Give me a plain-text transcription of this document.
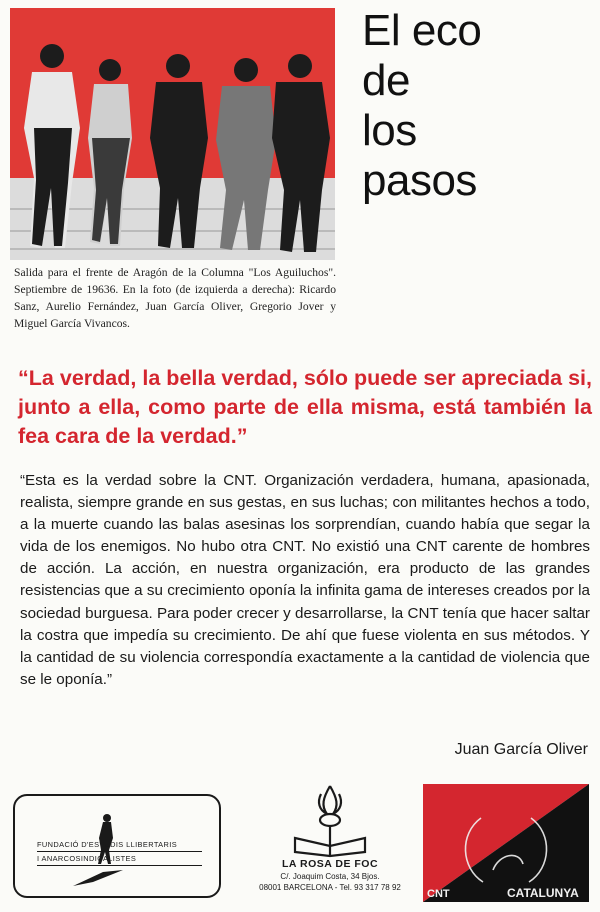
El eco
de
los
pasos
Salida para el frente de Aragón de la Columna "Los Aguiluchos". Septiembre de 19636. En la foto (de izquierda a derecha): Ricardo Sanz, Aurelio Fernández, Juan García Oliver, Gregorio Jover y Miguel García Vivancos.
“La verdad, la bella verdad, sólo puede ser apreciada si, junto a ella, como parte de ella misma, está también la fea cara de la verdad.”
“Esta es la verdad sobre la CNT. Organización verdadera, humana, apasionada, realista, siempre grande en sus gestas, en sus luchas; con militantes hechos a todo, a la muerte cuando las balas asesinas los sorprendían, cuando había que segar la vida de los enemigos. No hubo otra CNT. No existió una CNT carente de hombres de acción. La acción, en nuestra organización, era producto de las grandes resistencias que a su crecimiento oponía la infinita gama de intereses creados por la sociedad burguesa. Para poder crecer y desarrollarse, la CNT tenía que hacer saltar la costra que impedía su crecimiento. De ahí que fuese violenta en sus métodos. Y la cantidad de su violencia correspondía exactamente a la cantidad de violencia que se le oponía.”
Juan García Oliver
FUNDACIÓ D'ESTUDIS LLIBERTARIS
I ANARCOSINDICALISTES	LA ROSA DE FOC
C/. Joaquim Costa, 34 Bjos.
08001 BARCELONA - Tel. 93 317 78 92
CNT	CATALUNYA
